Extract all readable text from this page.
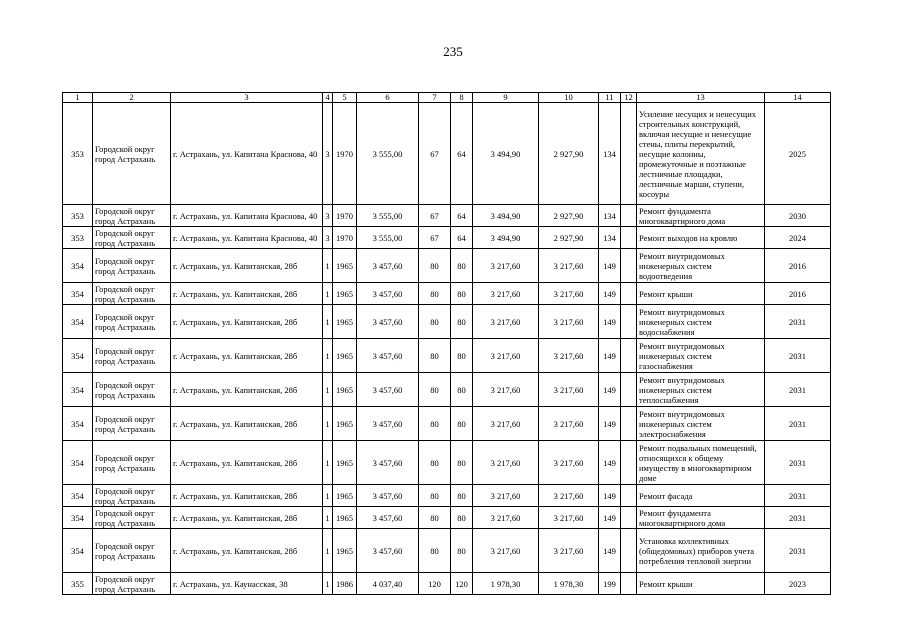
235
1	2	3	4	5	6	7	8	9	10	11	12	13	14
353	Городской округ город Астрахань	г. Астрахань, ул. Капитана Краснова, 40	3	1970	3 555,00	67	64	3 494,90	2 927,90	134		Усиление несущих и ненесущих строительных конструкций, включая несущие и ненесущие стены, плиты перекрытий, несущие колонны, промежуточные и поэтажные лестничные площадки, лестничные марши, ступени, косоуры	2025
353	Городской округ город Астрахань	г. Астрахань, ул. Капитана Краснова, 40	3	1970	3 555,00	67	64	3 494,90	2 927,90	134		Ремонт фундамента многоквартирного дома	2030
353	Городской округ город Астрахань	г. Астрахань, ул. Капитана Краснова, 40	3	1970	3 555,00	67	64	3 494,90	2 927,90	134		Ремонт выходов на кровлю	2024
354	Городской округ город Астрахань	г. Астрахань, ул. Капитанская, 28б	1	1965	3 457,60	80	80	3 217,60	3 217,60	149		Ремонт внутридомовых инженерных систем водоотведения	2016
354	Городской округ город Астрахань	г. Астрахань, ул. Капитанская, 28б	1	1965	3 457,60	80	80	3 217,60	3 217,60	149		Ремонт крыши	2016
354	Городской округ город Астрахань	г. Астрахань, ул. Капитанская, 28б	1	1965	3 457,60	80	80	3 217,60	3 217,60	149		Ремонт внутридомовых инженерных систем водоснабжения	2031
354	Городской округ город Астрахань	г. Астрахань, ул. Капитанская, 28б	1	1965	3 457,60	80	80	3 217,60	3 217,60	149		Ремонт внутридомовых инженерных систем газоснабжения	2031
354	Городской округ город Астрахань	г. Астрахань, ул. Капитанская, 28б	1	1965	3 457,60	80	80	3 217,60	3 217,60	149		Ремонт внутридомовых инженерных систем теплоснабжения	2031
354	Городской округ город Астрахань	г. Астрахань, ул. Капитанская, 28б	1	1965	3 457,60	80	80	3 217,60	3 217,60	149		Ремонт внутридомовых инженерных систем электроснабжения	2031
354	Городской округ город Астрахань	г. Астрахань, ул. Капитанская, 28б	1	1965	3 457,60	80	80	3 217,60	3 217,60	149		Ремонт подвальных помещений, относящихся к общему имуществу в многоквартирном доме	2031
354	Городской округ город Астрахань	г. Астрахань, ул. Капитанская, 28б	1	1965	3 457,60	80	80	3 217,60	3 217,60	149		Ремонт фасада	2031
354	Городской округ город Астрахань	г. Астрахань, ул. Капитанская, 28б	1	1965	3 457,60	80	80	3 217,60	3 217,60	149		Ремонт фундамента многоквартирного дома	2031
354	Городской округ город Астрахань	г. Астрахань, ул. Капитанская, 28б	1	1965	3 457,60	80	80	3 217,60	3 217,60	149		Установка коллективных (общедомовых) приборов учета потребления тепловой энергии	2031
355	Городской округ город Астрахань	г. Астрахань, ул. Каунасская, 38	1	1986	4 037,40	120	120	1 978,30	1 978,30	199		Ремонт крыши	2023
